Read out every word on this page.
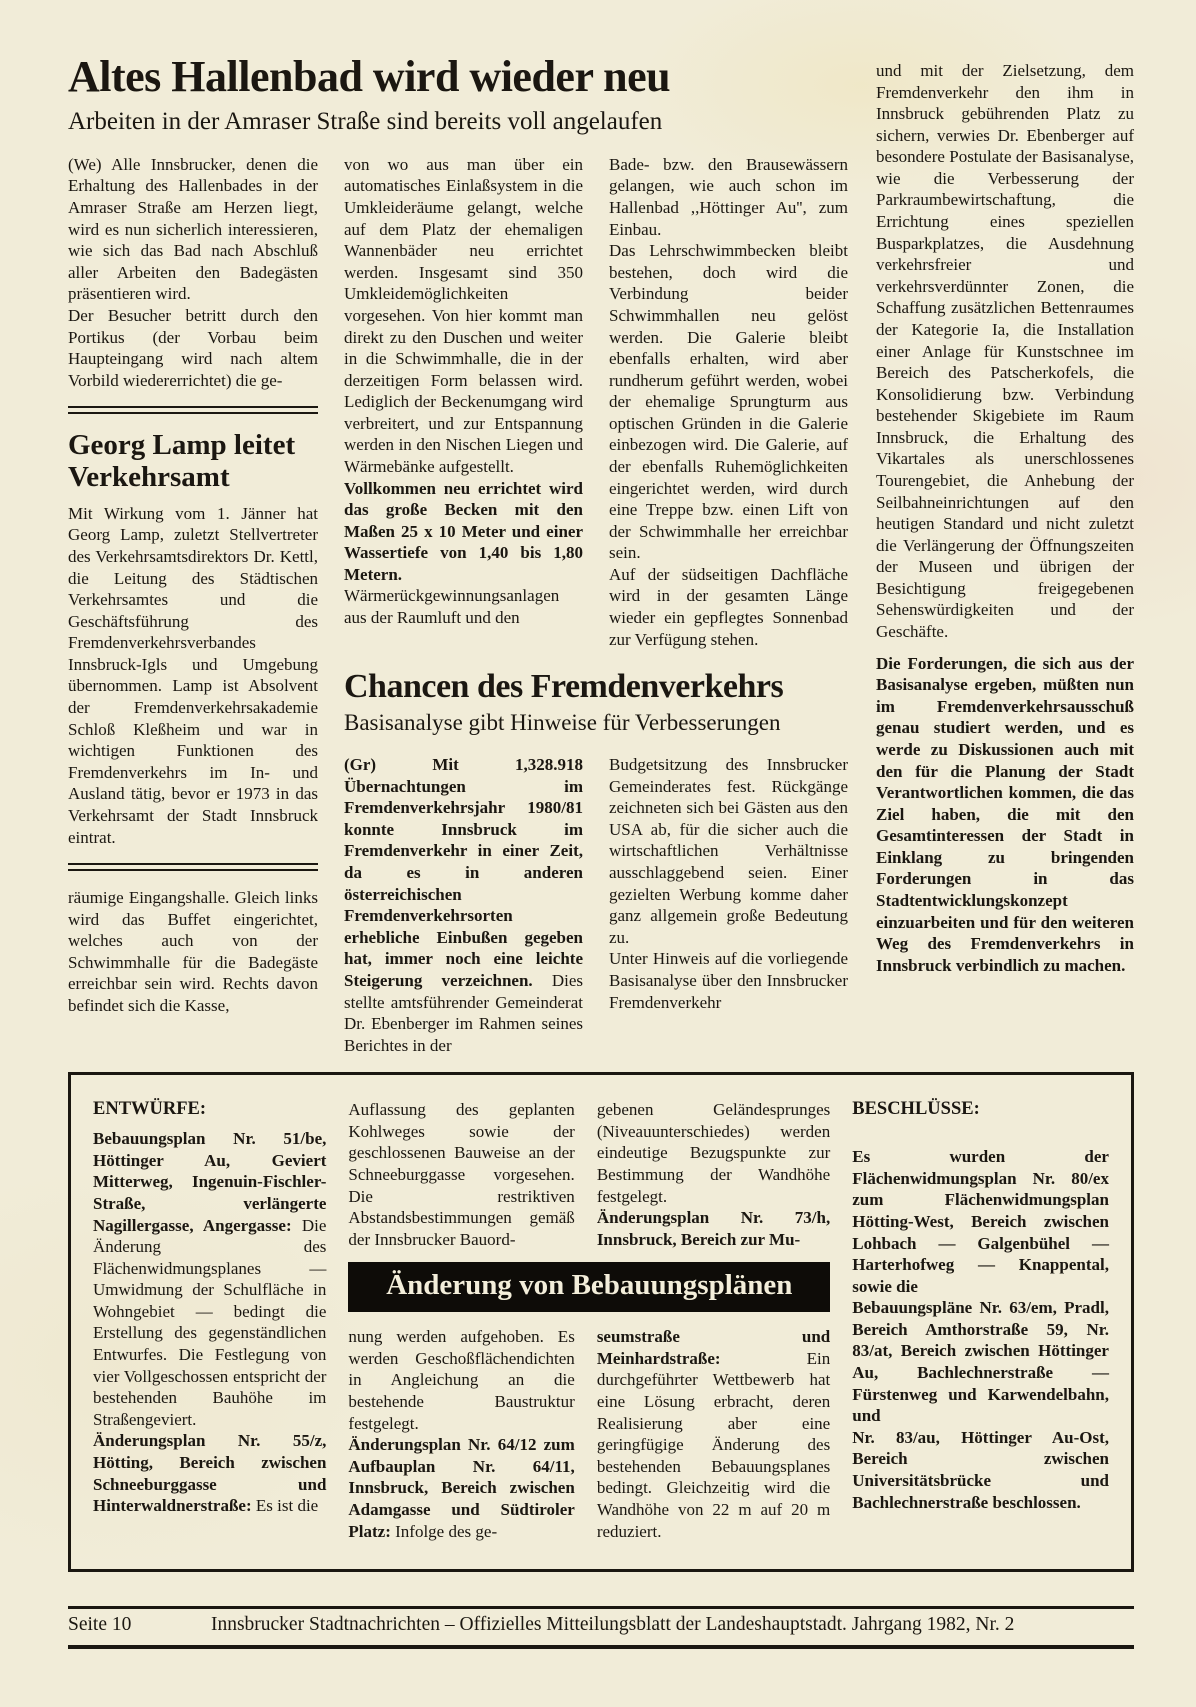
Altes Hallenbad wird wieder neu
Arbeiten in der Amraser Straße sind bereits voll angelaufen

(We) Alle Innsbrucker, denen die Erhaltung des Hallenbades in der Amraser Straße am Herzen liegt, wird es nun sicherlich interessieren, wie sich das Bad nach Abschluß aller Arbeiten den Badegästen präsentieren wird.

Der Besucher betritt durch den Portikus (der Vorbau beim Haupteingang wird nach altem Vorbild wiedererrichtet) die ge-

Georg Lamp leitet Verkehrsamt

Mit Wirkung vom 1. Jänner hat Georg Lamp, zuletzt Stellvertreter des Verkehrsamtsdirektors Dr. Kettl, die Leitung des Städtischen Verkehrsamtes und die Geschäftsführung des Fremdenverkehrsverbandes Innsbruck-Igls und Umgebung übernommen. Lamp ist Absolvent der Fremdenverkehrsakademie Schloß Kleßheim und war in wichtigen Funktionen des Fremdenverkehrs im In- und Ausland tätig, bevor er 1973 in das Verkehrsamt der Stadt Innsbruck eintrat.

räumige Eingangshalle. Gleich links wird das Buffet eingerichtet, welches auch von der Schwimmhalle für die Badegäste erreichbar sein wird. Rechts davon befindet sich die Kasse,

von wo aus man über ein automatisches Einlaßsystem in die Umkleideräume gelangt, welche auf dem Platz der ehemaligen Wannenbäder neu errichtet werden. Insgesamt sind 350 Umkleidemöglichkeiten vorgesehen. Von hier kommt man direkt zu den Duschen und weiter in die Schwimmhalle, die in der derzeitigen Form belassen wird. Lediglich der Beckenumgang wird verbreitert, und zur Entspannung werden in den Nischen Liegen und Wärmebänke aufgestellt.

Vollkommen neu errichtet wird das große Becken mit den Maßen 25 x 10 Meter und einer Wassertiefe von 1,40 bis 1,80 Metern.

Wärmerückgewinnungsanlagen aus der Raumluft und den

Bade- bzw. den Brausewässern gelangen, wie auch schon im Hallenbad ,,Höttinger Au'', zum Einbau.

Das Lehrschwimmbecken bleibt bestehen, doch wird die Verbindung beider Schwimmhallen neu gelöst werden. Die Galerie bleibt ebenfalls erhalten, wird aber rundherum geführt werden, wobei der ehemalige Sprungturm aus optischen Gründen in die Galerie einbezogen wird. Die Galerie, auf der ebenfalls Ruhemöglichkeiten eingerichtet werden, wird durch eine Treppe bzw. einen Lift von der Schwimmhalle her erreichbar sein.

Auf der südseitigen Dachfläche wird in der gesamten Länge wieder ein gepflegtes Sonnenbad zur Verfügung stehen.

Chancen des Fremdenverkehrs
Basisanalyse gibt Hinweise für Verbesserungen

(Gr) Mit 1,328.918 Übernachtungen im Fremdenverkehrsjahr 1980/81 konnte Innsbruck im Fremdenverkehr in einer Zeit, da es in anderen österreichischen Fremdenverkehrsorten erhebliche Einbußen gegeben hat, immer noch eine leichte Steigerung verzeichnen. Dies stellte amtsführender Gemeinderat Dr. Ebenberger im Rahmen seines Berichtes in der

Budgetsitzung des Innsbrucker Gemeinderates fest. Rückgänge zeichneten sich bei Gästen aus den USA ab, für die sicher auch die wirtschaftlichen Verhältnisse ausschlaggebend seien. Einer gezielten Werbung komme daher ganz allgemein große Bedeutung zu.

Unter Hinweis auf die vorliegende Basisanalyse über den Innsbrucker Fremdenverkehr

und mit der Zielsetzung, dem Fremdenverkehr den ihm in Innsbruck gebührenden Platz zu sichern, verwies Dr. Ebenberger auf besondere Postulate der Basisanalyse, wie die Verbesserung der Parkraumbewirtschaftung, die Errichtung eines speziellen Busparkplatzes, die Ausdehnung verkehrsfreier und verkehrsverdünnter Zonen, die Schaffung zusätzlichen Bettenraumes der Kategorie Ia, die Installation einer Anlage für Kunstschnee im Bereich des Patscherkofels, die Konsolidierung bzw. Verbindung bestehender Skigebiete im Raum Innsbruck, die Erhaltung des Vikartales als unerschlossenes Tourengebiet, die Anhebung der Seilbahneinrichtungen auf den heutigen Standard und nicht zuletzt die Verlängerung der Öffnungszeiten der Museen und übrigen der Besichtigung freigegebenen Sehenswürdigkeiten und der Geschäfte.

Die Forderungen, die sich aus der Basisanalyse ergeben, müßten nun im Fremdenverkehrsausschuß genau studiert werden, und es werde zu Diskussionen auch mit den für die Planung der Stadt Verantwortlichen kommen, die das Ziel haben, die mit den Gesamtinteressen der Stadt in Einklang zu bringenden Forderungen in das Stadtentwicklungskonzept einzuarbeiten und für den weiteren Weg des Fremdenverkehrs in Innsbruck verbindlich zu machen.

ENTWÜRFE:

Bebauungsplan Nr. 51/be, Höttinger Au, Geviert Mitterweg, Ingenuin-Fischler-Straße, verlängerte Nagillergasse, Angergasse: Die Änderung des Flächenwidmungsplanes — Umwidmung der Schulfläche in Wohngebiet — bedingt die Erstellung des gegenständlichen Entwurfes. Die Festlegung von vier Vollgeschossen entspricht der bestehenden Bauhöhe im Straßengeviert.

Änderungsplan Nr. 55/z, Hötting, Bereich zwischen Schneeburggasse und Hinterwaldnerstraße: Es ist die

Auflassung des geplanten Kohlweges sowie der geschlossenen Bauweise an der Schneeburggasse vorgesehen. Die restriktiven Abstandsbestimmungen gemäß der Innsbrucker Bauord-

gebenen Geländesprunges (Niveauunterschiedes) werden eindeutige Bezugspunkte zur Bestimmung der Wandhöhe festgelegt.

Änderungsplan Nr. 73/h, Innsbruck, Bereich zur Mu-

Änderung von Bebauungsplänen

nung werden aufgehoben. Es werden Geschoßflächendichten in Angleichung an die bestehende Baustruktur festgelegt.

Änderungsplan Nr. 64/12 zum Aufbauplan Nr. 64/11, Innsbruck, Bereich zwischen Adamgasse und Südtiroler Platz: Infolge des ge-

seumstraße und Meinhardstraße: Ein durchgeführter Wettbewerb hat eine Lösung erbracht, deren Realisierung aber eine geringfügige Änderung des bestehenden Bebauungsplanes bedingt. Gleichzeitig wird die Wandhöhe von 22 m auf 20 m reduziert.

BESCHLÜSSE:

Es wurden der Flächenwidmungsplan Nr. 80/ex zum Flächenwidmungsplan Hötting-West, Bereich zwischen Lohbach — Galgenbühel — Harterhofweg — Knappental, sowie die

Bebauungspläne Nr. 63/em, Pradl, Bereich Amthorstraße 59, Nr. 83/at, Bereich zwischen Höttinger Au, Bachlechnerstraße — Fürstenweg und Karwendelbahn, und

Nr. 83/au, Höttinger Au-Ost, Bereich zwischen Universitätsbrücke und Bachlechnerstraße beschlossen.

Seite 10	Innsbrucker Stadtnachrichten – Offizielles Mitteilungsblatt der Landeshauptstadt. Jahrgang 1982, Nr. 2
